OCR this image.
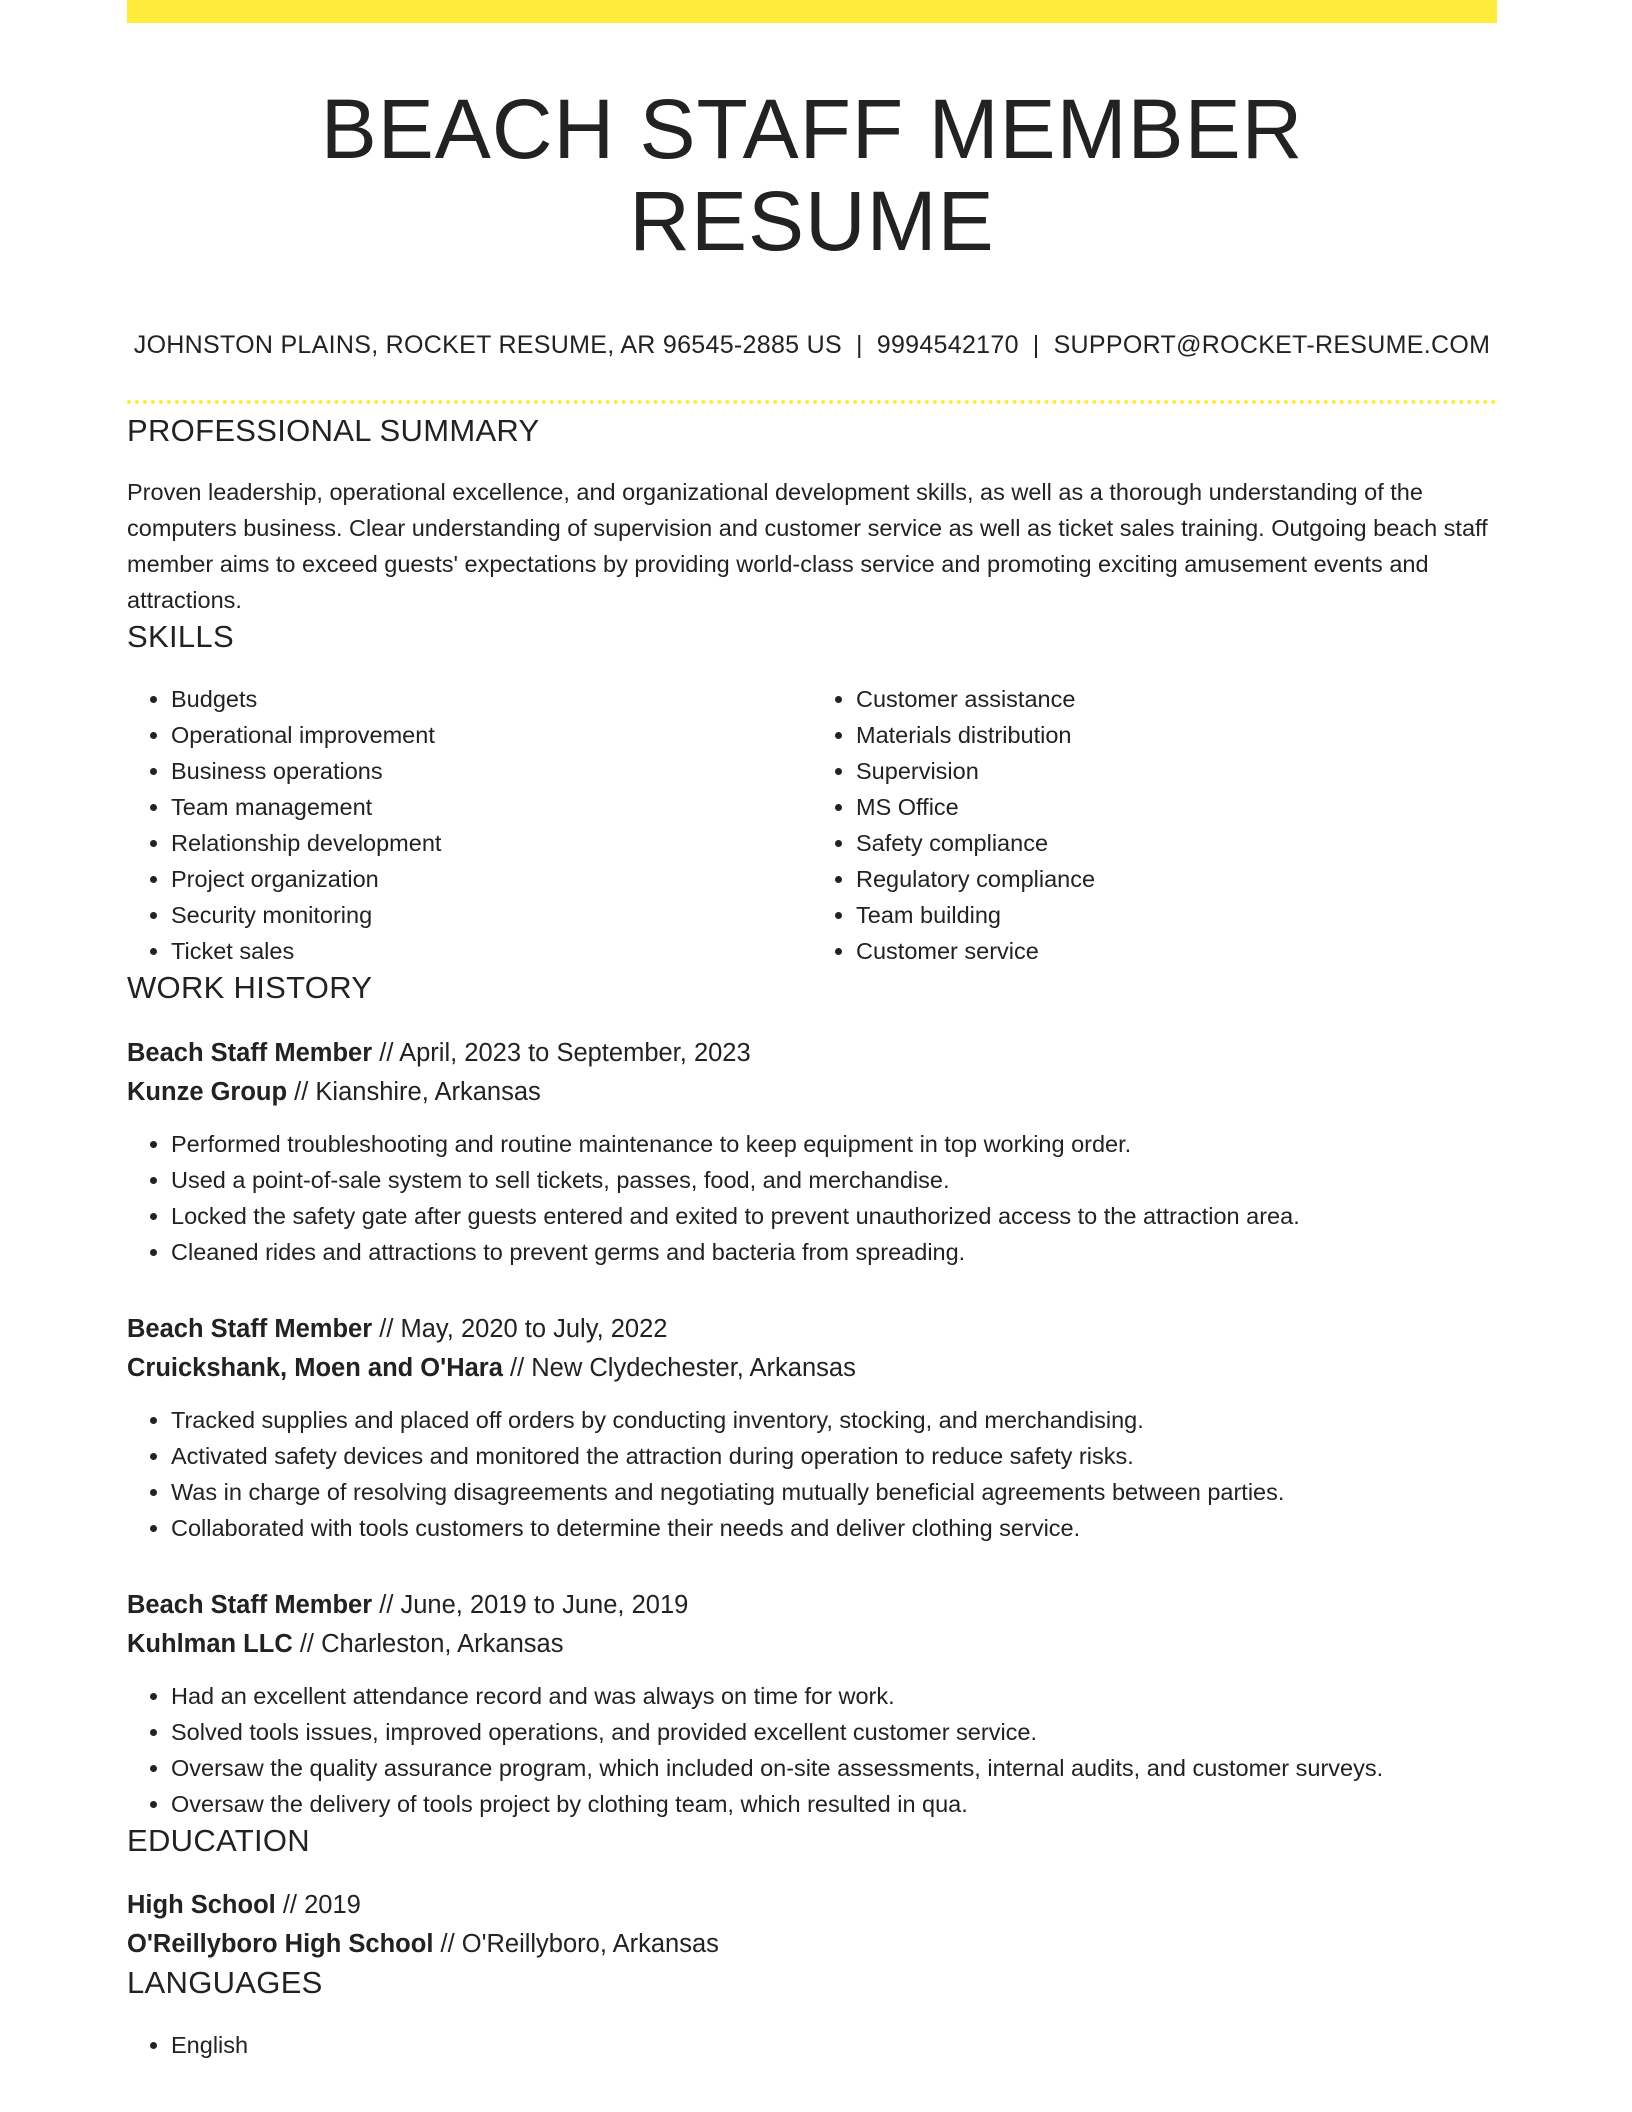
BEACH STAFF MEMBER RESUME
JOHNSTON PLAINS, ROCKET RESUME, AR 96545-2885 US | 9994542170 | SUPPORT@ROCKET-RESUME.COM
PROFESSIONAL SUMMARY

Proven leadership, operational excellence, and organizational development skills, as well as a thorough understanding of the computers business. Clear understanding of supervision and customer service as well as ticket sales training. Outgoing beach staff member aims to exceed guests' expectations by providing world-class service and promoting exciting amusement events and attractions.

SKILLS
• Budgets
• Operational improvement
• Business operations
• Team management
• Relationship development
• Project organization
• Security monitoring
• Ticket sales
• Customer assistance
• Materials distribution
• Supervision
• MS Office
• Safety compliance
• Regulatory compliance
• Team building
• Customer service
WORK HISTORY
Beach Staff Member // April, 2023 to September, 2023
Kunze Group // Kianshire, Arkansas
• Performed troubleshooting and routine maintenance to keep equipment in top working order.
• Used a point-of-sale system to sell tickets, passes, food, and merchandise.
• Locked the safety gate after guests entered and exited to prevent unauthorized access to the attraction area.
• Cleaned rides and attractions to prevent germs and bacteria from spreading.
Beach Staff Member // May, 2020 to July, 2022
Cruickshank, Moen and O'Hara // New Clydechester, Arkansas
• Tracked supplies and placed off orders by conducting inventory, stocking, and merchandising.
• Activated safety devices and monitored the attraction during operation to reduce safety risks.
• Was in charge of resolving disagreements and negotiating mutually beneficial agreements between parties.
• Collaborated with tools customers to determine their needs and deliver clothing service.
Beach Staff Member // June, 2019 to June, 2019
Kuhlman LLC // Charleston, Arkansas
• Had an excellent attendance record and was always on time for work.
• Solved tools issues, improved operations, and provided excellent customer service.
• Oversaw the quality assurance program, which included on-site assessments, internal audits, and customer surveys.
• Oversaw the delivery of tools project by clothing team, which resulted in qua.
EDUCATION
High School // 2019
O'Reillyboro High School // O'Reillyboro, Arkansas
LANGUAGES
• English
